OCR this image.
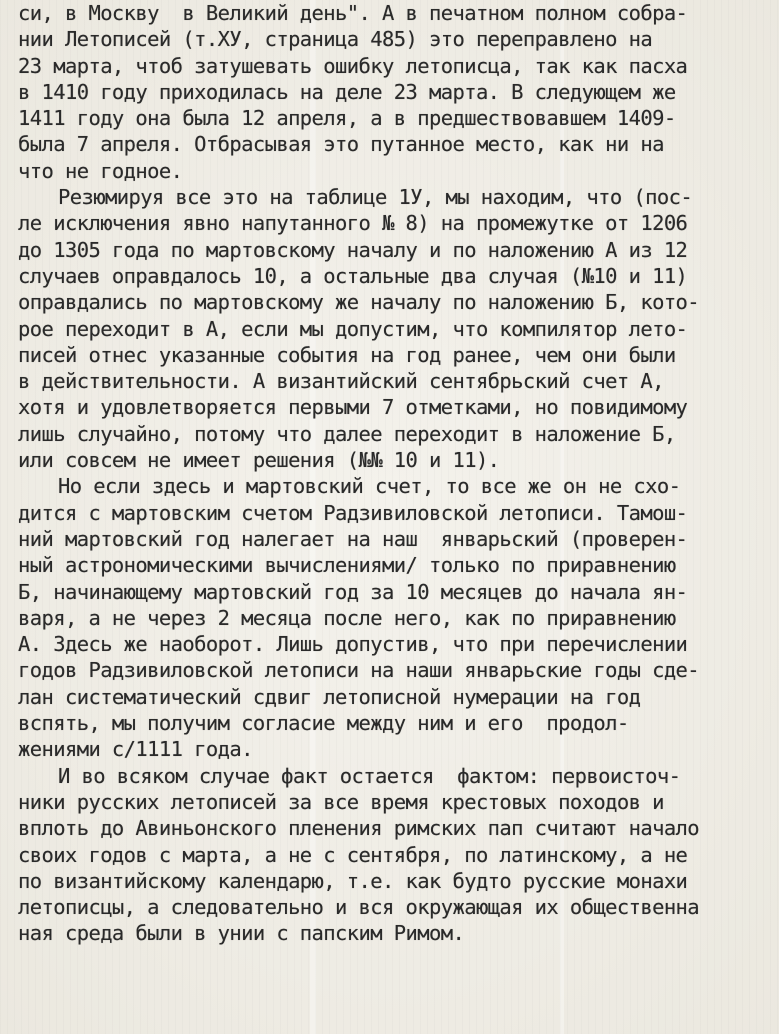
си, в Москву  в Великий день". А в печатном полном собра-
нии Летописей (т.XУ, страница 485) это переправлено на
23 марта, чтоб затушевать ошибку летописца, так как пасха
в 1410 году приходилась на деле 23 марта. В следующем же
1411 году она была 12 апреля, а в предшествовавшем 1409-
была 7 апреля. Отбрасывая это путанное место, как ни на
что не годное.
Резюмируя все это на таблице 1У, мы находим, что (пос-
ле исключения явно напутанного № 8) на промежутке от 1206
до 1305 года по мартовскому началу и по наложению А из 12
случаев оправдалось 10, а остальные два случая (№10 и 11)
оправдались по мартовскому же началу по наложению Б, кото-
рое переходит в А, если мы допустим, что компилятор лето-
писей отнес указанные события на год ранее, чем они были
в действительности. А византийский сентябрьский счет А,
хотя и удовлетворяется первыми 7 отметками, но повидимому
лишь случайно, потому что далее переходит в наложение Б,
или совсем не имеет решения (№№ 10 и 11).
Но если здесь и мартовский счет, то все же он не схо-
дится с мартовским счетом Радзивиловской летописи. Тамош-
ний мартовский год налегает на наш  январьский (проверен-
ный астрономическими вычислениями/ только по приравнению
Б, начинающему мартовский год за 10 месяцев до начала ян-
варя, а не через 2 месяца после него, как по приравнению
А. Здесь же наоборот. Лишь допустив, что при перечислении
годов Радзивиловской летописи на наши январьские годы сде-
лан систематический сдвиг летописной нумерации на год
вспять, мы получим согласие между ним и его  продол-
жениями с/1111 года.
И во всяком случае факт остается  фактом: первоисточ-
ники русских летописей за все время крестовых походов и
вплоть до Авиньонского пленения римских пап считают начало
своих годов с марта, а не с сентября, по латинскому, а не
по византийскому календарю, т.е. как будто русские монахи
летописцы, а следовательно и вся окружающая их общественна
ная среда были в унии с папским Римом.
